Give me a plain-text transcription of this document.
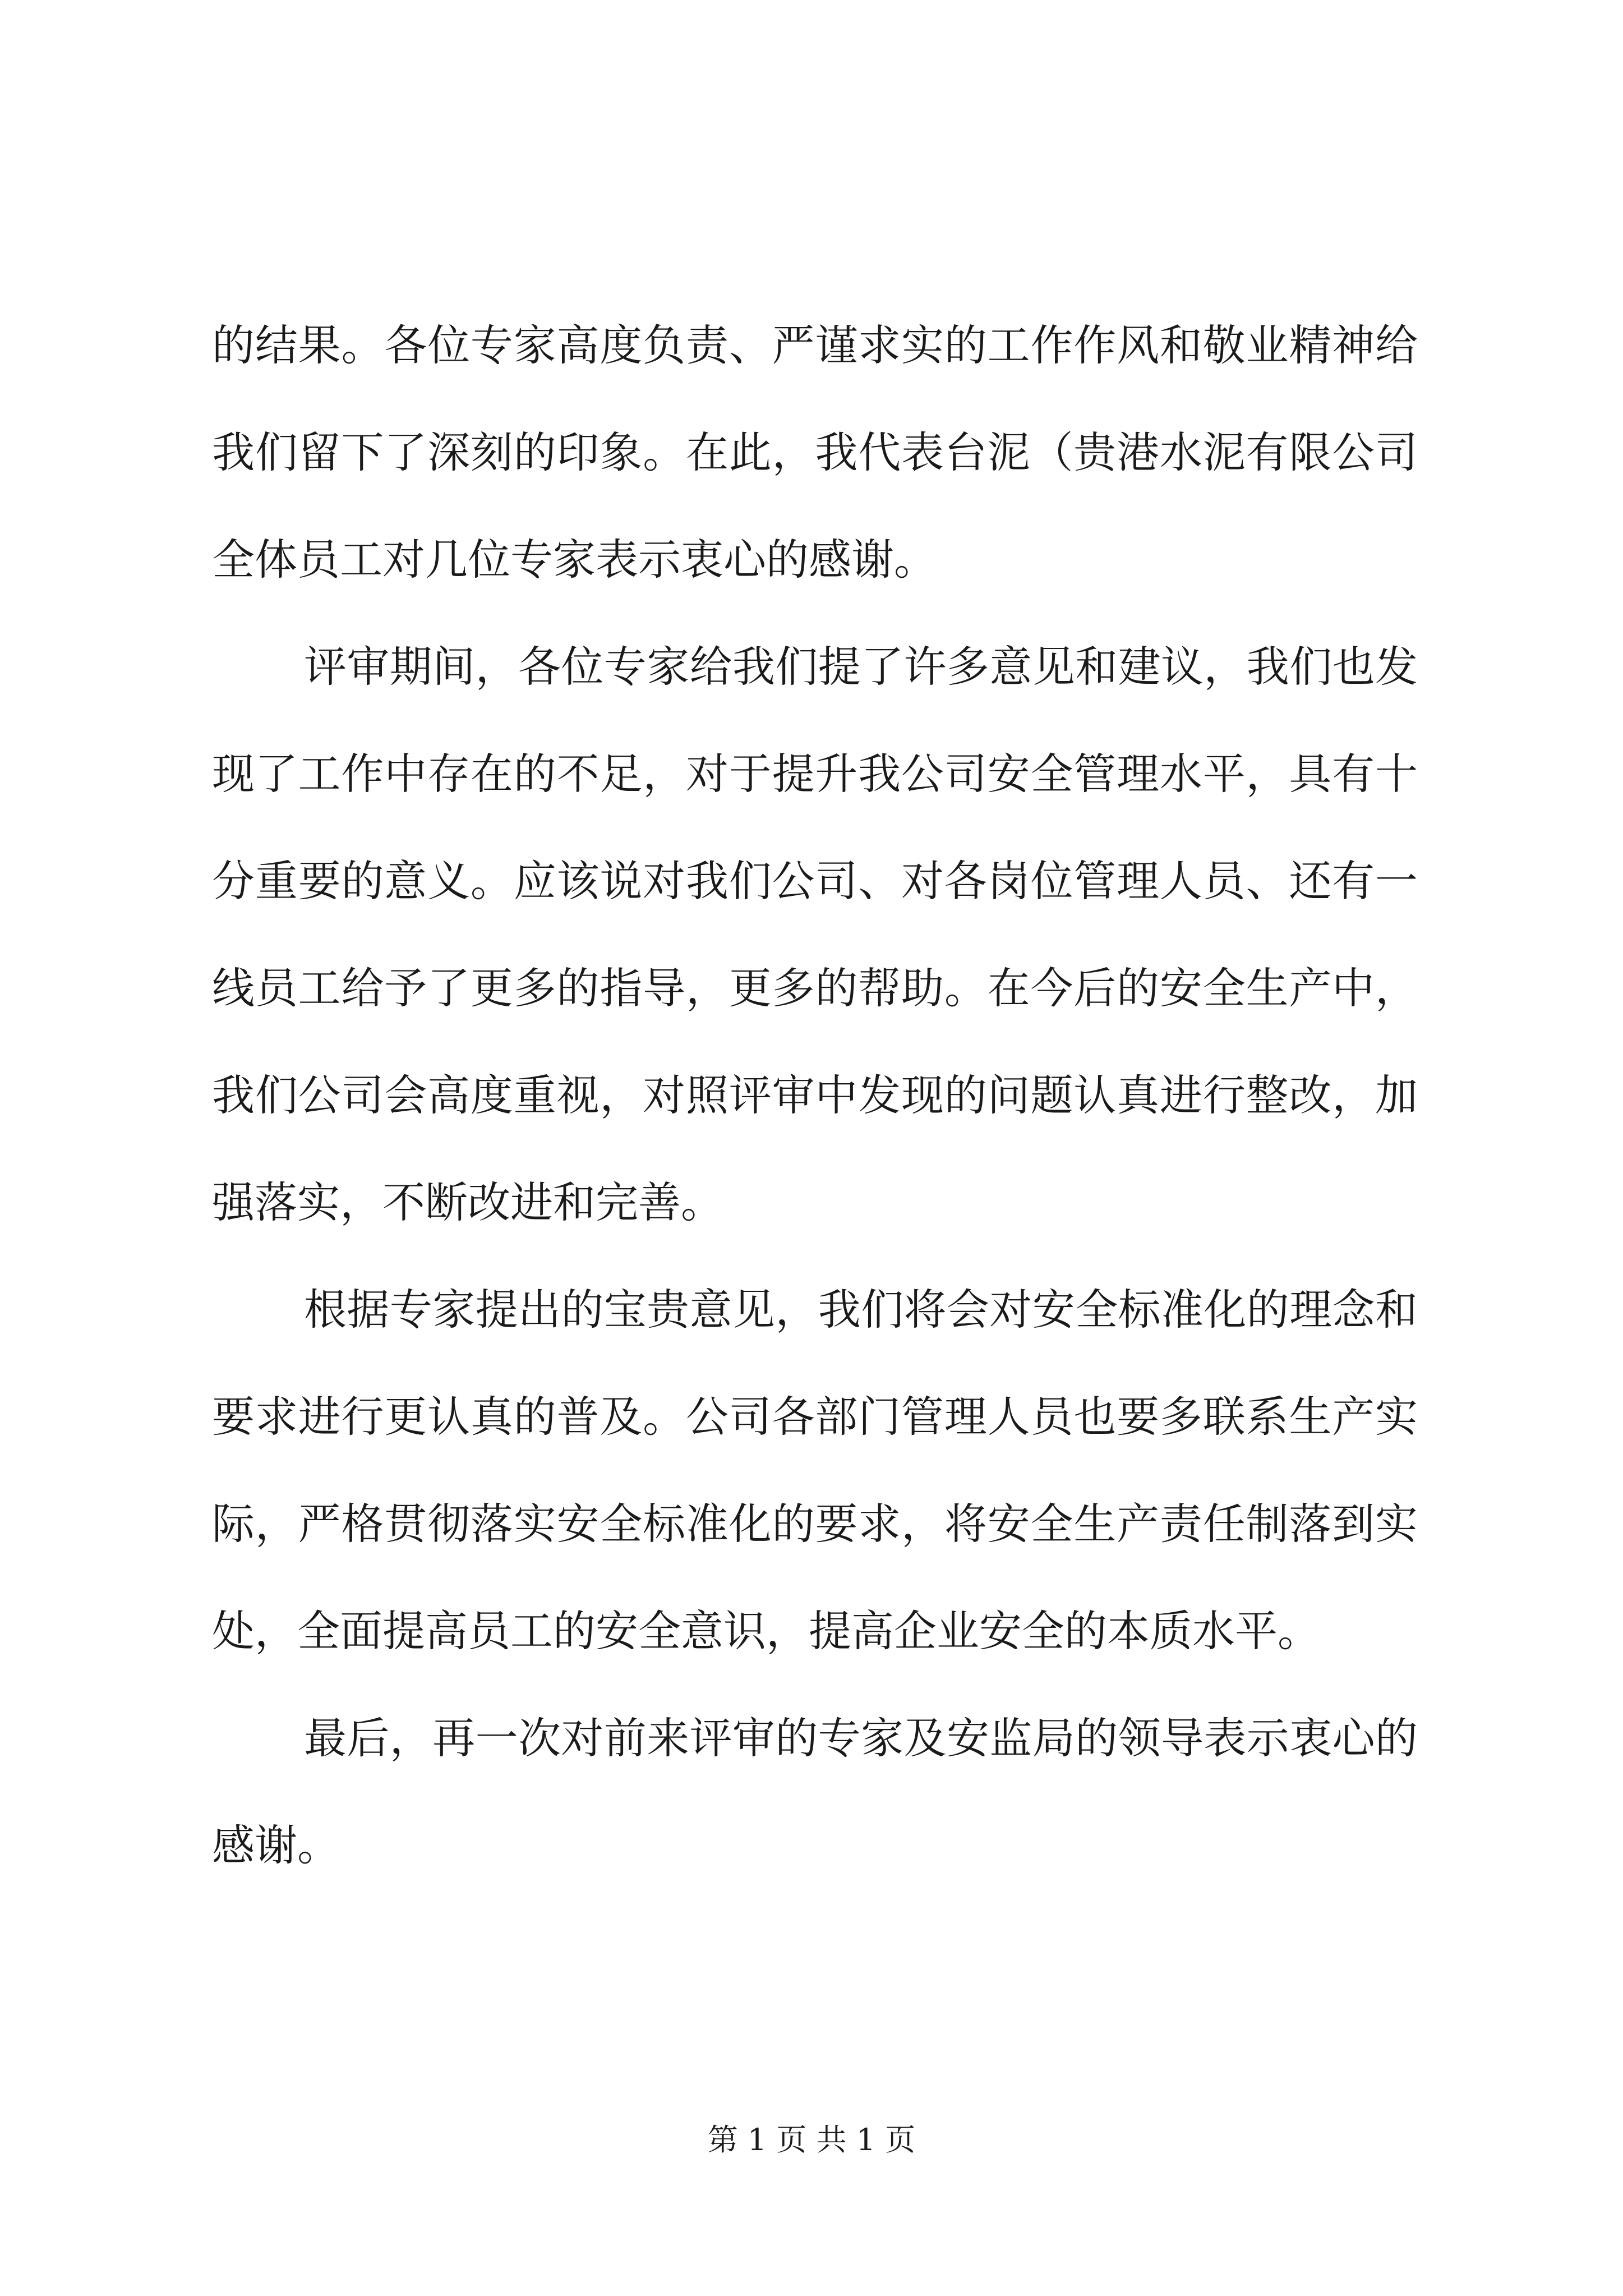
的结果。各位专家高度负责、严谨求实的工作作风和敬业精神给
我们留下了深刻的印象。在此，我代表台泥（贵港水泥有限公司
全体员工对几位专家表示衷心的感谢。
评审期间，各位专家给我们提了许多意见和建议，我们也发
现了工作中存在的不足，对于提升我公司安全管理水平，具有十
分重要的意义。应该说对我们公司、对各岗位管理人员、还有一
线员工给予了更多的指导，更多的帮助。在今后的安全生产中，
我们公司会高度重视，对照评审中发现的问题认真进行整改，加
强落实，不断改进和完善。
根据专家提出的宝贵意见，我们将会对安全标准化的理念和
要求进行更认真的普及。公司各部门管理人员也要多联系生产实
际，严格贯彻落实安全标准化的要求，将安全生产责任制落到实
处，全面提高员工的安全意识，提高企业安全的本质水平。
最后，再一次对前来评审的专家及安监局的领导表示衷心的
感谢。
第 1 页 共 1 页
